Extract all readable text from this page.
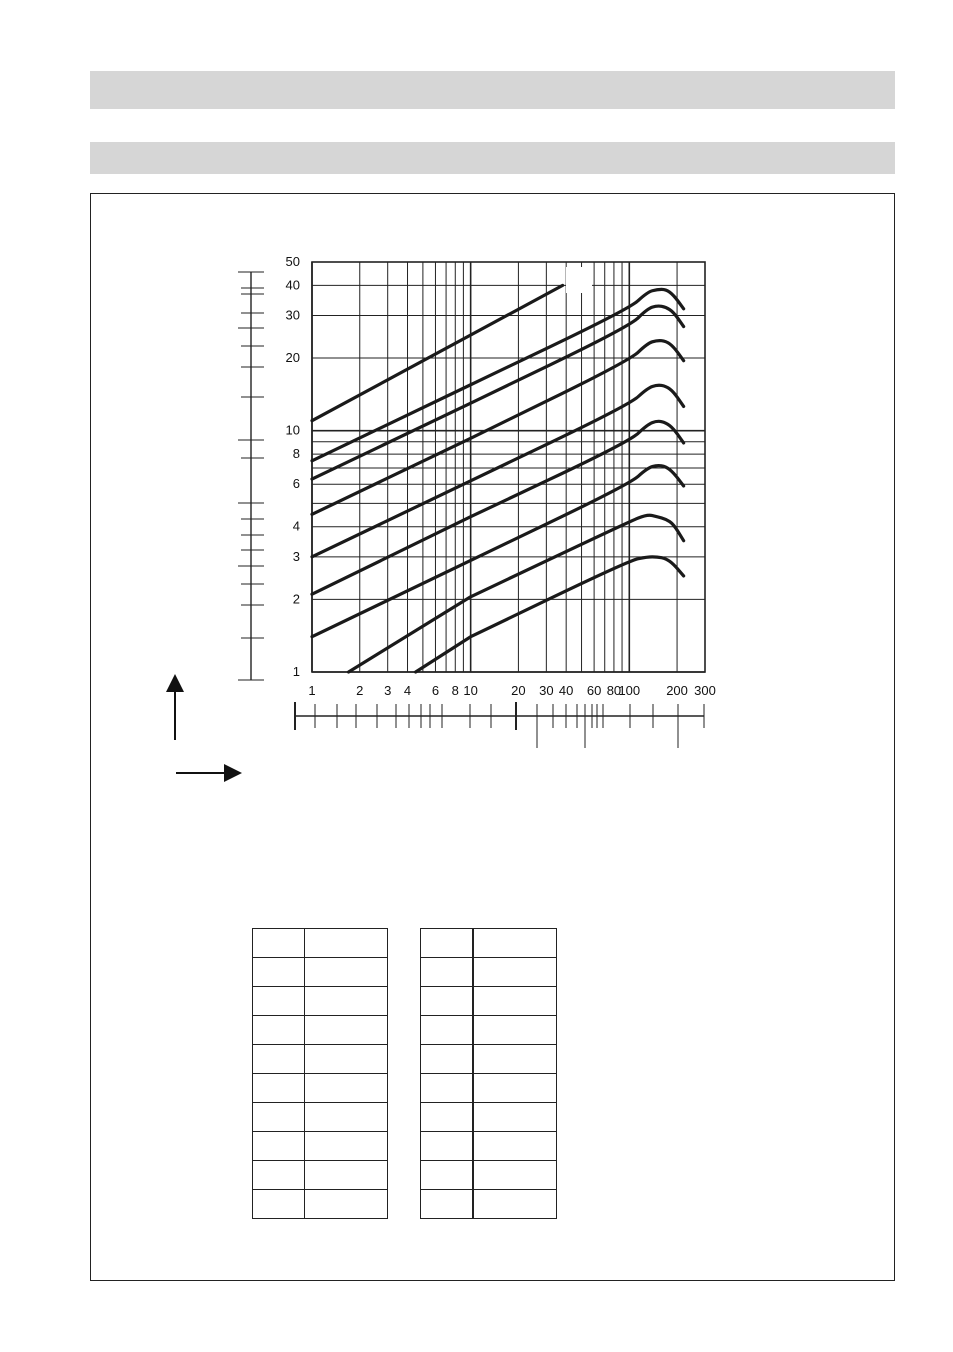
1
2
3
4
6
8
10
20
30
40
50
1	2 3 4 6 8 10	20 30 40 60 80
100 200 300
